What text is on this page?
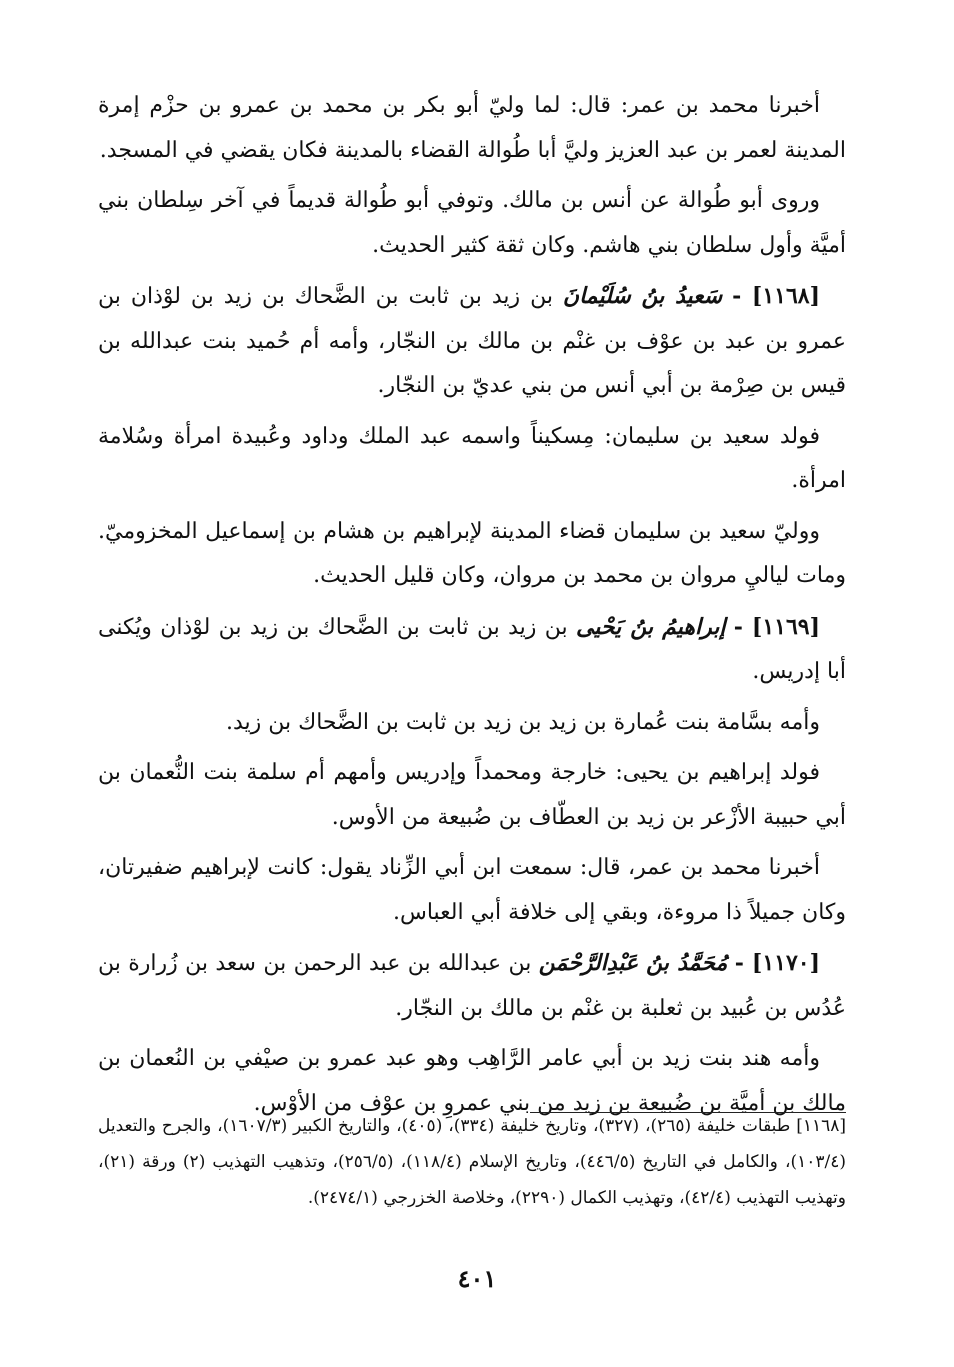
أخبرنا محمد بن عمر: قال: لما وليّ أبو بكر بن محمد بن عمرو بن حزْم إمرة المدينة لعمر بن عبد العزيز وليَّ أبا طُوالة القضاء بالمدينة فكان يقضي في المسجد.

وروى أبو طُوالة عن أنس بن مالك. وتوفي أبو طُوالة قديماً في آخر سِلطان بني أميَّة وأول سلطان بني هاشم. وكان ثقة كثير الحديث.

[١١٦٨] - سَعيدُ بنُ سُلَيْمانَ بن زيد بن ثابت بن الضَّحاك بن زيد بن لوْذان بن عمرو بن عبد بن عوْف بن غنْم بن مالك بن النجّار، وأمه أم حُميد بنت عبدالله بن قيس بن صِرْمة بن أبي أنس من بني عديّ بن النجّار.

فولد سعيد بن سليمان: مِسكيناً واسمه عبد الملك وداود وعُبيدة امرأة وسُلامة امرأة.

ووليّ سعيد بن سليمان قضاء المدينة لإبراهيم بن هشام بن إسماعيل المخزوميّ. ومات لياليِ مروان بن محمد بن مروان، وكان قليل الحديث.

[١١٦٩] - إبراهيمُ بنُ يَحْيى بن زيد بن ثابت بن الضَّحاك بن زيد بن لوْذان ويُكنى أبا إدريس.

وأمه بسَّامة بنت عُمارة بن زيد بن زيد بن ثابت بن الضَّحاك بن زيد.

فولد إبراهيم بن يحيى: خارجة ومحمداً وإدريس وأمهم أم سلمة بنت النُّعمان بن أبي حبيبة الأزْعر بن زيد بن العطّاف بن ضُبيعة من الأوس.

أخبرنا محمد بن عمر، قال: سمعت ابن أبي الزِّناد يقول: كانت لإبراهيم ضفيرتان، وكان جميلاً ذا مروءة، وبقي إلى خلافة أبي العباس.

[١١٧٠] - مُحَمَّدُ بنُ عَبْدِالرَّحْمَن بن عبدالله بن عبد الرحمن بن سعد بن زُرارة بن عُدُس بن عُبيد بن ثعلبة بن غنْم بن مالك بن النجّار.

وأمه هند بنت زيد بن أبي عامر الرَّاهِب وهو عبد عمرو بن صيْفي بن النُعمان بن مالك بن أميَّة بن ضُبيعة بن زيد من بني عمروِ بن عوْف من الأوْس.

[١١٦٨] طبقات خليفة (٢٦٥)، (٣٢٧)، وتاريخ خليفة (٣٣٤)، (٤٠٥)، والتاريخ الكبير (١٦٠٧/٣)، والجرح والتعديل (١٠٣/٤)، والكامل في التاريخ (٤٤٦/٥)، وتاريخ الإسلام (١١٨/٤)، (٢٥٦/٥)، وتذهيب التهذيب (٢) ورقة (٢١)، وتهذيب التهذيب (٤٢/٤)، وتهذيب الكمال (٢٢٩٠)، وخلاصة الخزرجي (٢٤٧٤/١).
٤٠١
